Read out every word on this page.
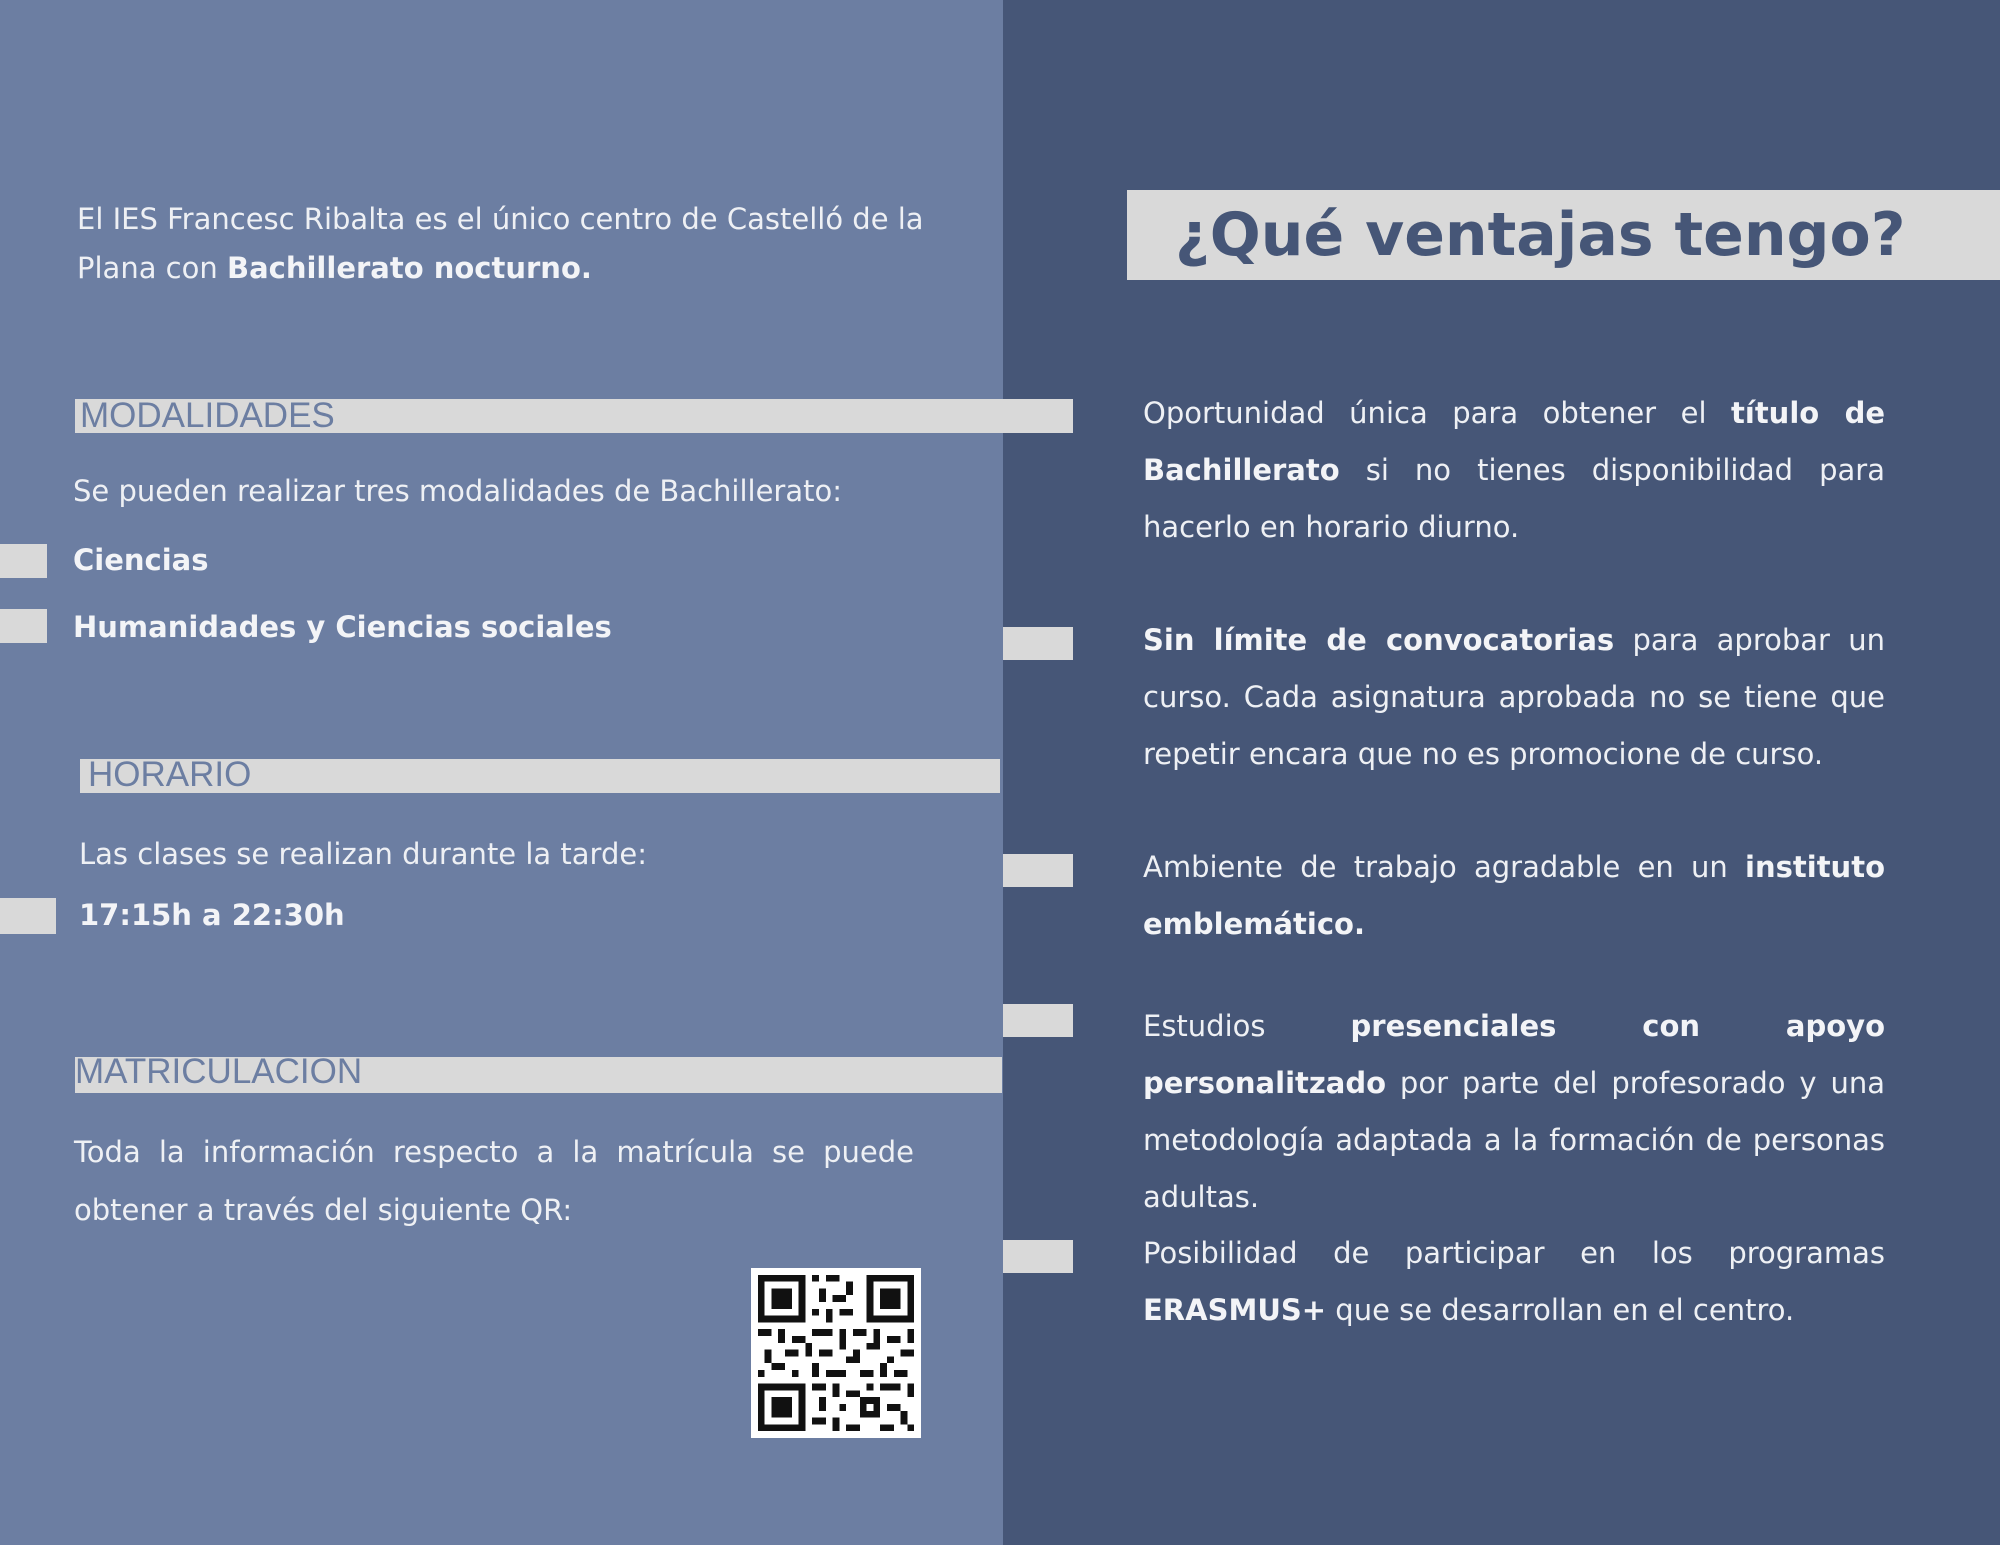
El IES Francesc Ribalta es el único centro de Castelló de la Plana con Bachillerato nocturno.

MODALIDADES

Se pueden realizar tres modalidades de Bachillerato:

Ciencias
Humanidades y Ciencias sociales
HORARIO

Las clases se realizan durante la tarde:

17:15h a 22:30h
MATRICULACIÓN

Toda la información respecto a la matrícula se puede obtener a través del siguiente QR:

¿Qué ventajas tengo?

Oportunidad única para obtener el título de Bachillerato si no tienes disponibilidad para hacerlo en horario diurno.

Sin límite de convocatorias para aprobar un curso. Cada asignatura aprobada no se tiene que repetir encara que no es promocione de curso.

Ambiente de trabajo agradable en un instituto emblemático.

Estudios presenciales con apoyo personalitzado por parte del profesorado y una metodología adaptada a la formación de personas adultas.

Posibilidad de participar en los programas ERASMUS+ que se desarrollan en el centro.
